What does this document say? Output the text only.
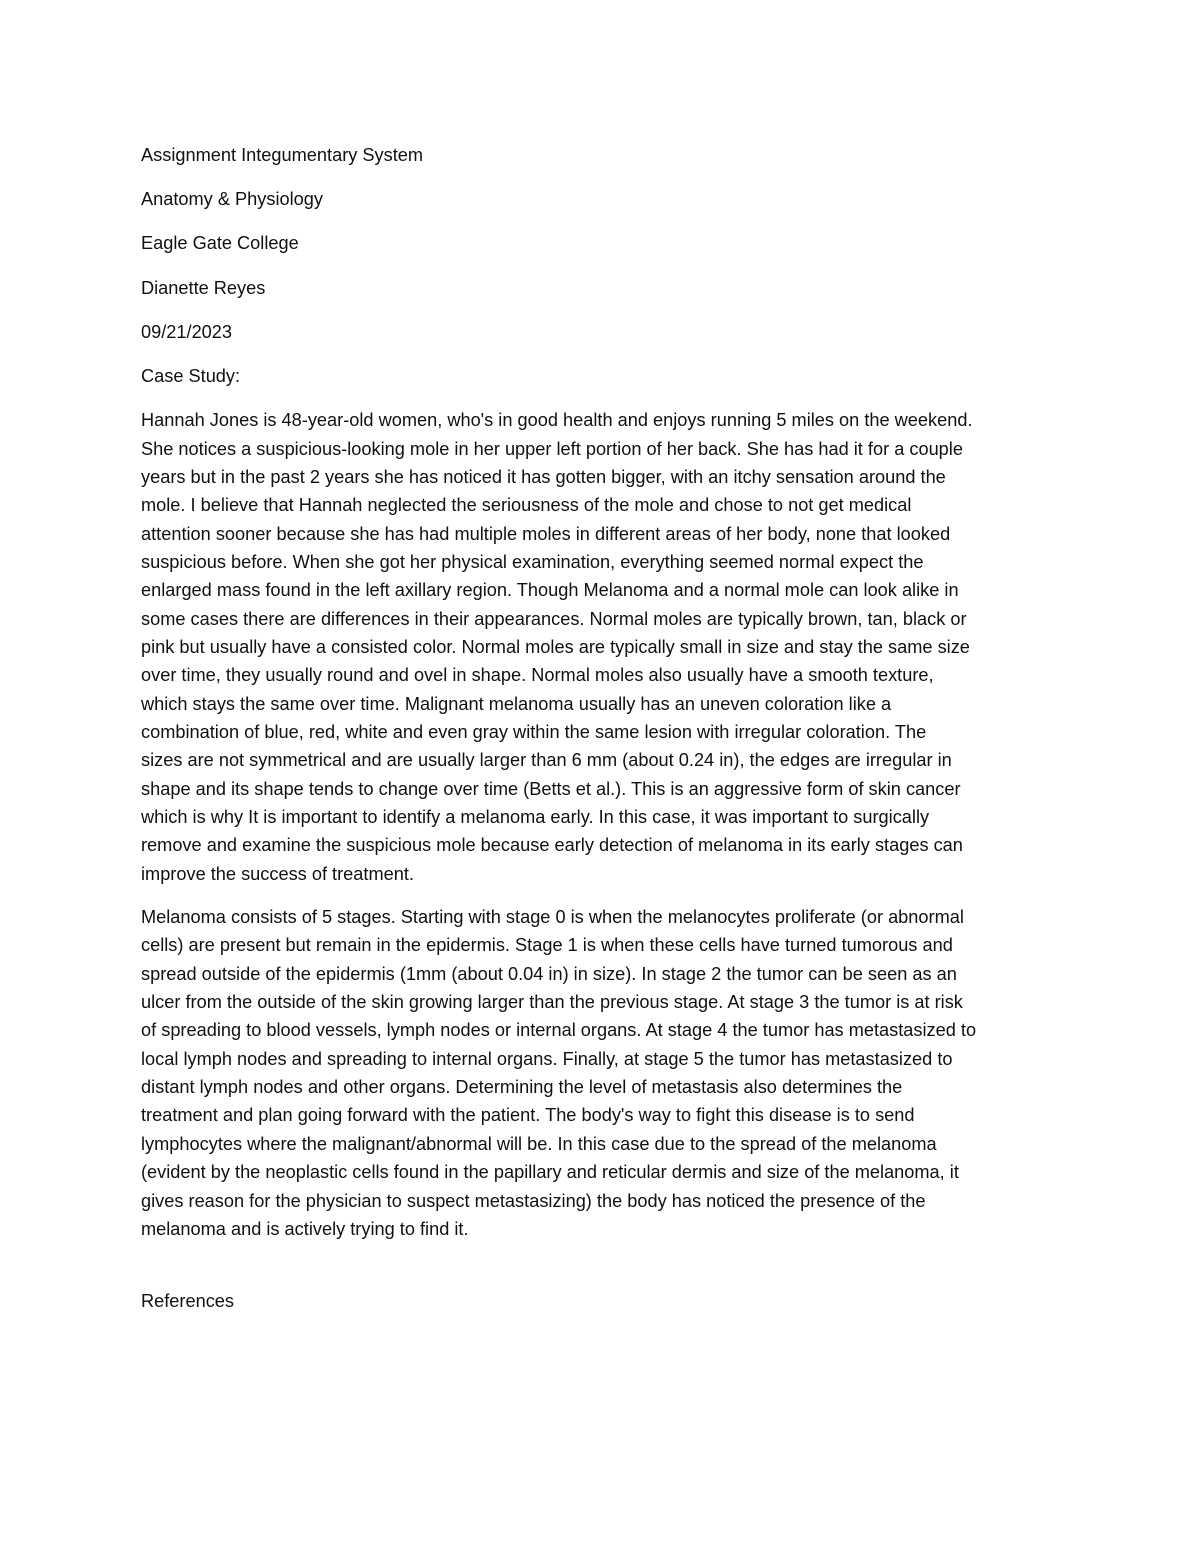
Assignment Integumentary System
Anatomy & Physiology
Eagle Gate College
Dianette Reyes
09/21/2023
Case Study:
Hannah Jones is 48-year-old women, who's in good health and enjoys running 5 miles on the weekend.
She notices a suspicious-looking mole in her upper left portion of her back. She has had it for a couple
years but in the past 2 years she has noticed it has gotten bigger, with an itchy sensation around the
mole. I believe that Hannah neglected the seriousness of the mole and chose to not get medical
attention sooner because she has had multiple moles in different areas of her body, none that looked
suspicious before. When she got her physical examination, everything seemed normal expect the
enlarged mass found in the left axillary region. Though Melanoma and a normal mole can look alike in
some cases there are differences in their appearances. Normal moles are typically brown, tan, black or
pink but usually have a consisted color. Normal moles are typically small in size and stay the same size
over time, they usually round and ovel in shape. Normal moles also usually have a smooth texture,
which stays the same over time. Malignant melanoma usually has an uneven coloration like a
combination of blue, red, white and even gray within the same lesion with irregular coloration. The
sizes are not symmetrical and are usually larger than 6 mm (about 0.24 in), the edges are irregular in
shape and its shape tends to change over time (Betts et al.). This is an aggressive form of skin cancer
which is why It is important to identify a melanoma early. In this case, it was important to surgically
remove and examine the suspicious mole because early detection of melanoma in its early stages can
improve the success of treatment.
Melanoma consists of 5 stages. Starting with stage 0 is when the melanocytes proliferate (or abnormal
cells) are present but remain in the epidermis. Stage 1 is when these cells have turned tumorous and
spread outside of the epidermis (1mm (about 0.04 in) in size). In stage 2 the tumor can be seen as an
ulcer from the outside of the skin growing larger than the previous stage. At stage 3 the tumor is at risk
of spreading to blood vessels, lymph nodes or internal organs. At stage 4 the tumor has metastasized to
local lymph nodes and spreading to internal organs. Finally, at stage 5 the tumor has metastasized to
distant lymph nodes and other organs. Determining the level of metastasis also determines the
treatment and plan going forward with the patient. The body's way to fight this disease is to send
lymphocytes where the malignant/abnormal will be. In this case due to the spread of the melanoma
(evident by the neoplastic cells found in the papillary and reticular dermis and size of the melanoma, it
gives reason for the physician to suspect metastasizing) the body has noticed the presence of the
melanoma and is actively trying to find it.
References
